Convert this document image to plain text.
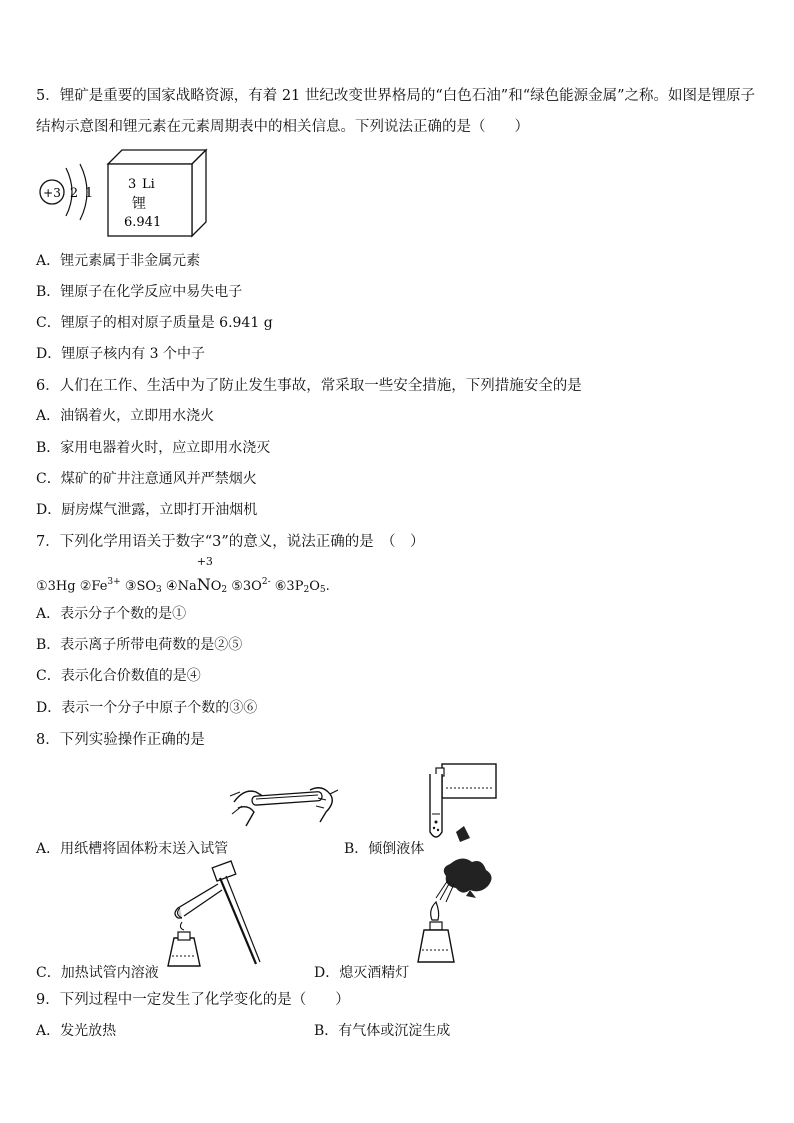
5．锂矿是重要的国家战略资源，有着 21 世纪改变世界格局的“白色石油”和“绿色能源金属”之称。如图是锂原子
结构示意图和锂元素在元素周期表中的相关信息。下列说法正确的是（　　）
+3 2 1
3 Li
锂
6.941
A．锂元素属于非金属元素
B．锂原子在化学反应中易失电子
C．锂原子的相对原子质量是 6.941 g
D．锂原子核内有 3 个中子
6．人们在工作、生活中为了防止发生事故，常采取一些安全措施，下列措施安全的是
A．油锅着火，立即用水浇火
B．家用电器着火时，应立即用水浇灭
C．煤矿的矿井注意通风并严禁烟火
D．厨房煤气泄露，立即打开油烟机
7．下列化学用语关于数字“3”的意义，说法正确的是　（　）
①3Hg $②Fe^{3+}$ $③SO_3$ ④Na
+3
$NO_2$ $⑤3O^{2-}$ $⑥3P_2O_5$.
A．表示分子个数的是①
B．表示离子所带电荷数的是②⑤
C．表示化合价数值的是④
D．表示一个分子中原子个数的③⑥
8．下列实验操作正确的是
A．用纸槽将固体粉末送入试管	B．倾倒液体
C．加热试管内溶液	D．熄灭酒精灯
9．下列过程中一定发生了化学变化的是（　　）
A．发光放热	B．有气体或沉淀生成
